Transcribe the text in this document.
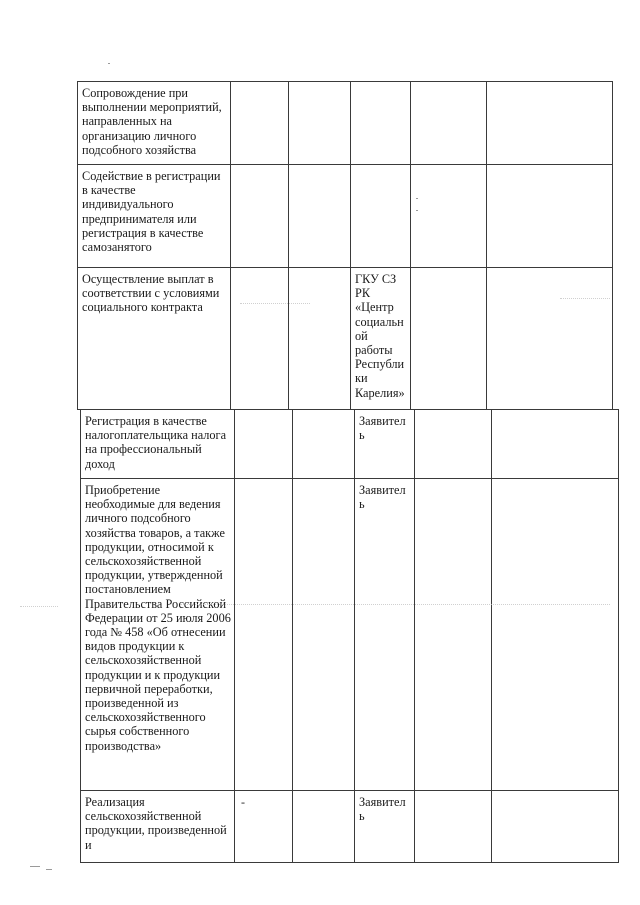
Сопровождение при выполнении мероприятий, направленных на организацию личного подсобного хозяйства					

Содействие в регистрации в качестве индивидуального предпринимателя или регистрация в качестве самозанятого					

Осуществление выплат в соответствии с условиями социального контракта			ГКУ СЗ РК «Центр социальной работы Республики Карелия»		

Регистрация в качестве налогоплательщика налога на профессиональный доход			Заявитель		

Приобретение необходимые для ведения личного подсобного хозяйства товаров, а также продукции, относимой к сельскохозяйственной продукции, утвержденной постановлением Правительства Российской Федерации от 25 июля 2006 года № 458 «Об отнесении видов продукции к сельскохозяйственной продукции и к продукции первичной переработки, произведенной из сельскохозяйственного сырья собственного производства»			Заявитель		

Реализация сельскохозяйственной продукции, произведенной и	-		Заявитель		
